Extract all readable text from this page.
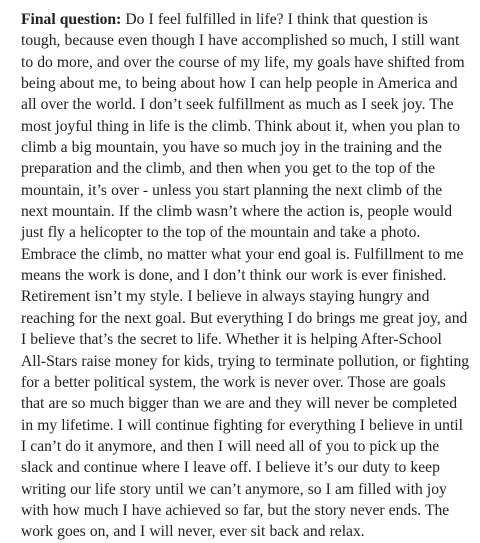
Final question: Do I feel fulfilled in life? I think that question is tough, because even though I have accomplished so much, I still want to do more, and over the course of my life, my goals have shifted from being about me, to being about how I can help people in America and all over the world. I don’t seek fulfillment as much as I seek joy. The most joyful thing in life is the climb. Think about it, when you plan to climb a big mountain, you have so much joy in the training and the preparation and the climb, and then when you get to the top of the mountain, it’s over - unless you start planning the next climb of the next mountain. If the climb wasn’t where the action is, people would just fly a helicopter to the top of the mountain and take a photo. Embrace the climb, no matter what your end goal is. Fulfillment to me means the work is done, and I don’t think our work is ever finished. Retirement isn’t my style. I believe in always staying hungry and reaching for the next goal. But everything I do brings me great joy, and I believe that’s the secret to life. Whether it is helping After-School All-Stars raise money for kids, trying to terminate pollution, or fighting for a better political system, the work is never over. Those are goals that are so much bigger than we are and they will never be completed in my lifetime. I will continue fighting for everything I believe in until I can’t do it anymore, and then I will need all of you to pick up the slack and continue where I leave off. I believe it’s our duty to keep writing our life story until we can’t anymore, so I am filled with joy with how much I have achieved so far, but the story never ends. The work goes on, and I will never, ever sit back and relax.
